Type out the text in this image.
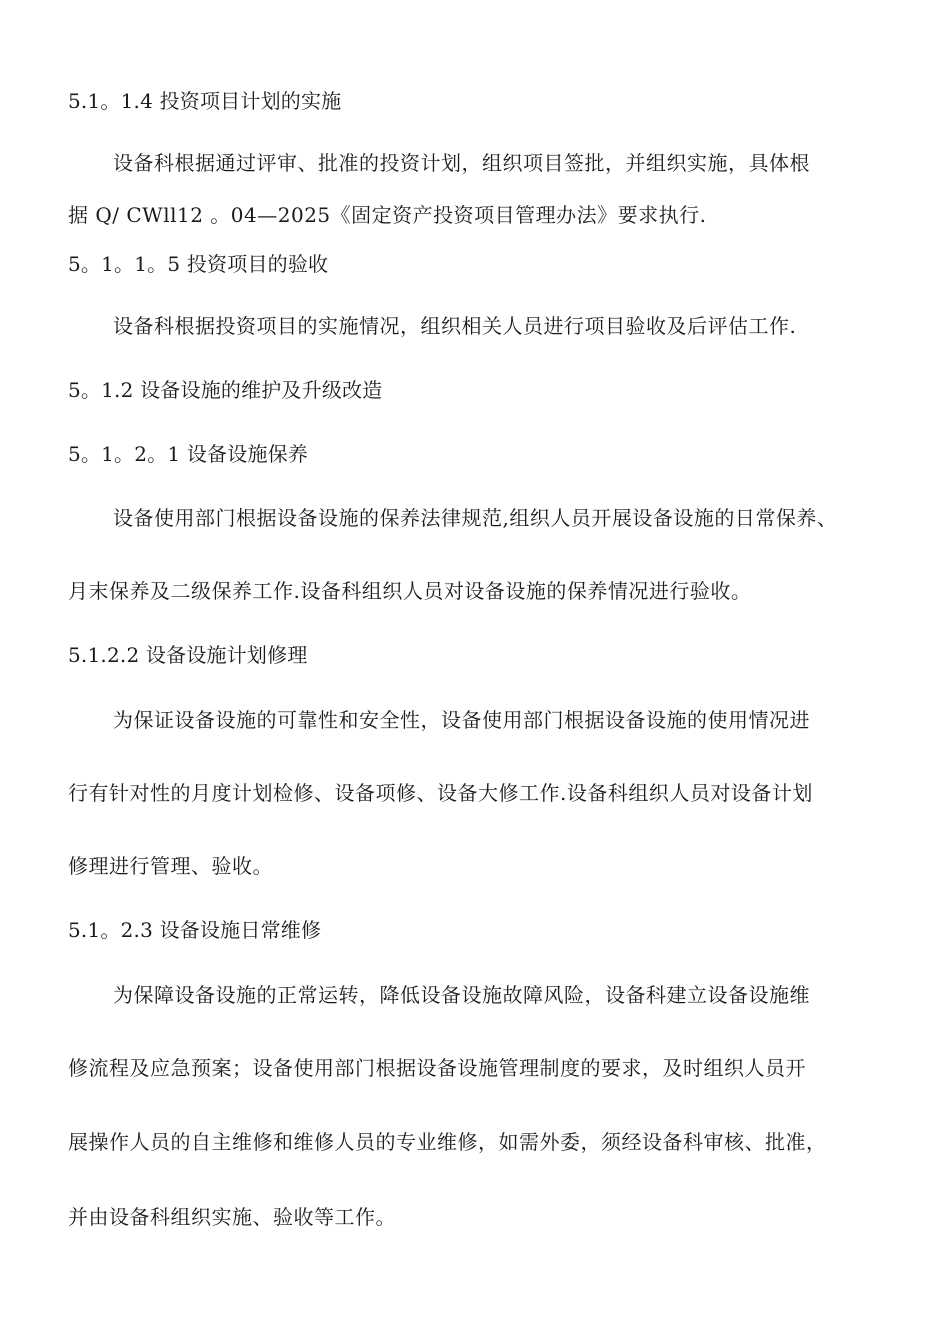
5.1。1.4 投资项目计划的实施
设备科根据通过评审、批准的投资计划，组织项目签批，并组织实施，具体根
据 Q/ CWll12 。04—2025《固定资产投资项目管理办法》要求执行.
5。1。1。5 投资项目的验收
设备科根据投资项目的实施情况，组织相关人员进行项目验收及后评估工作.
5。1.2 设备设施的维护及升级改造
5。1。2。1 设备设施保养
设备使用部门根据设备设施的保养法律规范,组织人员开展设备设施的日常保养、
月末保养及二级保养工作.设备科组织人员对设备设施的保养情况进行验收。
5.1.2.2 设备设施计划修理
为保证设备设施的可靠性和安全性，设备使用部门根据设备设施的使用情况进
行有针对性的月度计划检修、设备项修、设备大修工作.设备科组织人员对设备计划
修理进行管理、验收。
5.1。2.3 设备设施日常维修
为保障设备设施的正常运转，降低设备设施故障风险，设备科建立设备设施维
修流程及应急预案；设备使用部门根据设备设施管理制度的要求，及时组织人员开
展操作人员的自主维修和维修人员的专业维修，如需外委，须经设备科审核、批准，
并由设备科组织实施、验收等工作。
